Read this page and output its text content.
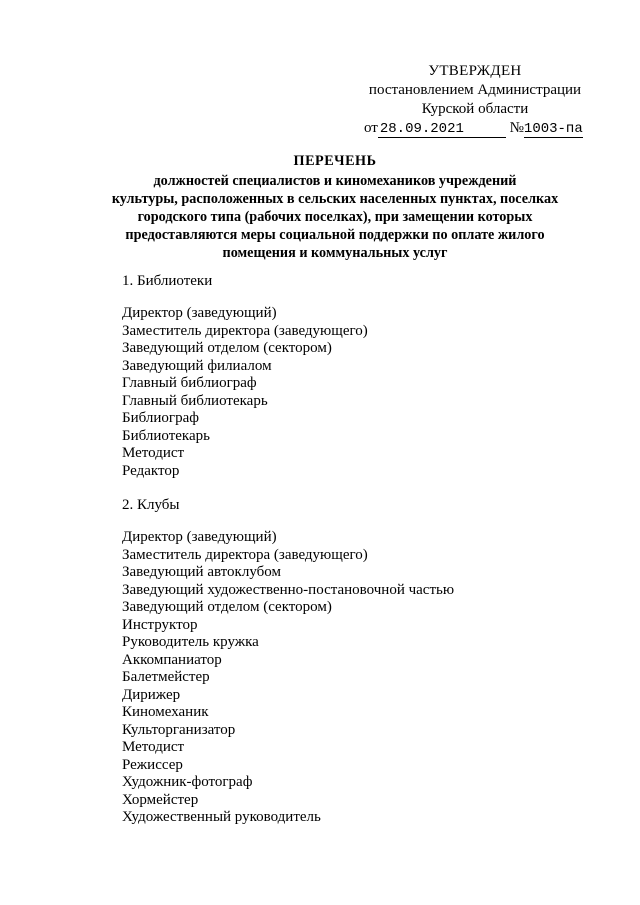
УТВЕРЖДЕН
постановлением Администрации
Курской области
от 28.09.2021	№1003-па
ПЕРЕЧЕНЬ
должностей специалистов и киномехаников учреждений
культуры, расположенных в сельских населенных пунктах, поселках
городского типа (рабочих поселках), при замещении которых
предоставляются меры социальной поддержки по оплате жилого
помещения и коммунальных услуг
1. Библиотеки
Директор (заведующий)
Заместитель директора (заведующего)
Заведующий отделом (сектором)
Заведующий филиалом
Главный библиограф
Главный библиотекарь
Библиограф
Библиотекарь
Методист
Редактор
2. Клубы
Директор (заведующий)
Заместитель директора (заведующего)
Заведующий автоклубом
Заведующий художественно-постановочной частью
Заведующий отделом (сектором)
Инструктор
Руководитель кружка
Аккомпаниатор
Балетмейстер
Дирижер
Киномеханик
Культорганизатор
Методист
Режиссер
Художник-фотограф
Хормейстер
Художественный руководитель
